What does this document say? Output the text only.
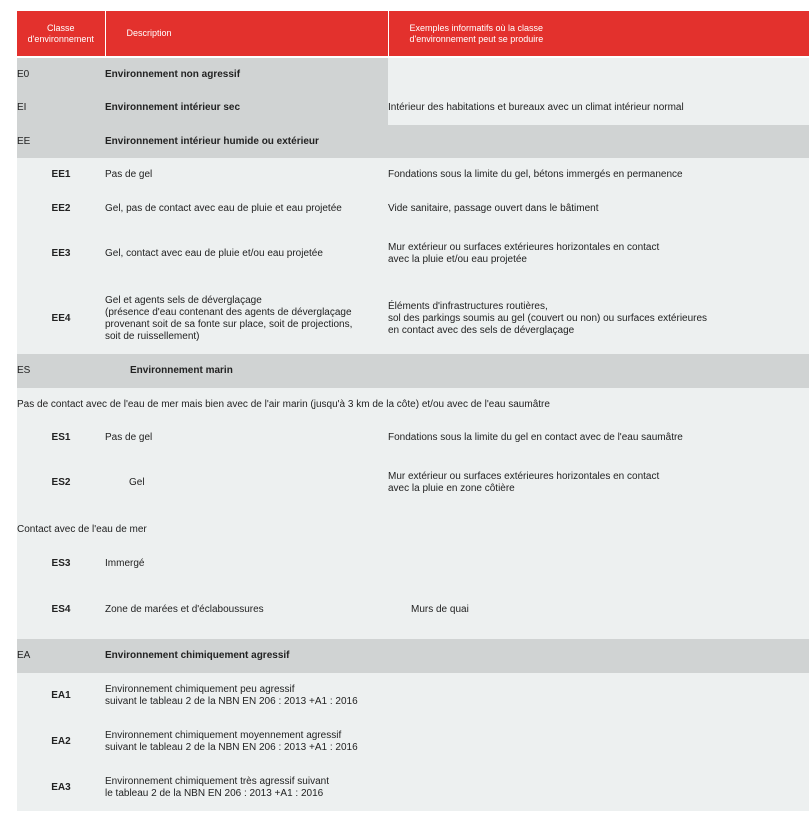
Classe
d'environnement	Description	Exemples informatifs où la classe
d'environnement peut se produire
E0	Environnement non agressif	
EI	Environnement intérieur sec	Intérieur des habitations et bureaux avec un climat intérieur normal
EE	Environnement intérieur humide ou extérieur	
EE1	Pas de gel	Fondations sous la limite du gel, bétons immergés en permanence
EE2	Gel, pas de contact avec eau de pluie et eau projetée	Vide sanitaire, passage ouvert dans le bâtiment
EE3	Gel, contact avec eau de pluie et/ou eau projetée	Mur extérieur ou surfaces extérieures horizontales en contact
avec la pluie et/ou eau projetée
EE4	Gel et agents sels de déverglaçage
(présence d'eau contenant des agents de déverglaçage
provenant soit de sa fonte sur place, soit de projections,
soit de ruissellement)	Éléments d'infrastructures routières,
sol des parkings soumis au gel (couvert ou non) ou surfaces extérieures
en contact avec des sels de déverglaçage
ES	Environnement marin	
Pas de contact avec de l'eau de mer mais bien avec de l'air marin (jusqu'à 3 km de la côte) et/ou avec de l'eau saumâtre		
ES1	Pas de gel	Fondations sous la limite du gel en contact avec de l'eau saumâtre
ES2	Gel	Mur extérieur ou surfaces extérieures horizontales en contact
avec la pluie en zone côtière
Contact avec de l'eau de mer		
ES3	Immergé	
ES4	Zone de marées et d'éclaboussures	Murs de quai
EA	Environnement chimiquement agressif	
EA1	Environnement chimiquement peu agressif
suivant le tableau 2 de la NBN EN 206 : 2013 +A1 : 2016	
EA2	Environnement chimiquement moyennement agressif
suivant le tableau 2 de la NBN EN 206 : 2013 +A1 : 2016	
EA3	Environnement chimiquement très agressif suivant
le tableau 2 de la NBN EN 206 : 2013 +A1 : 2016	
